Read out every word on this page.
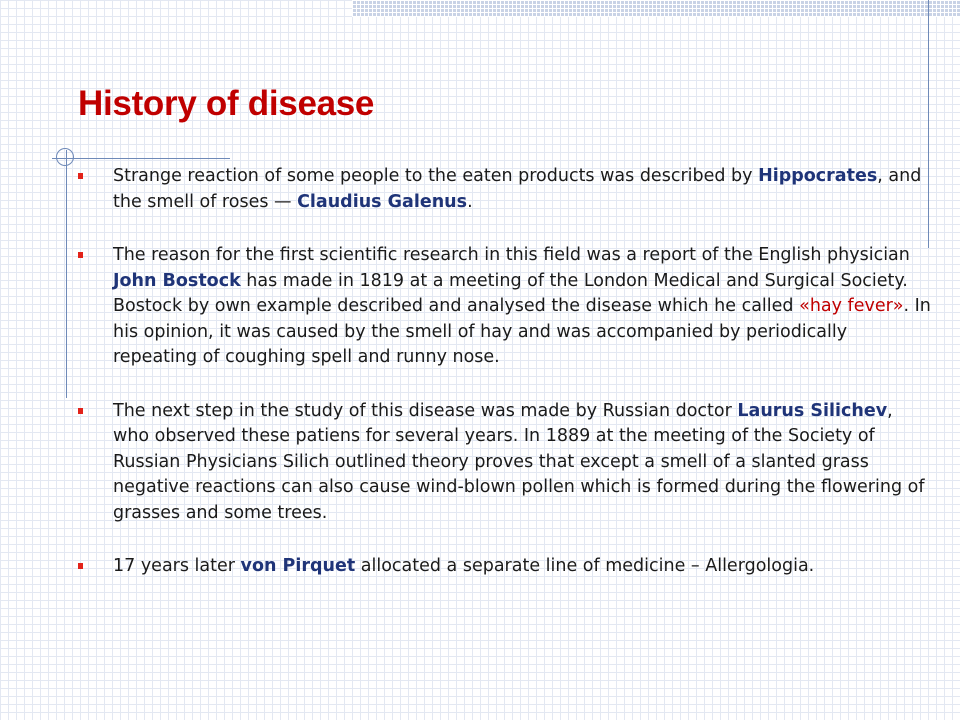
History of disease
Strange reaction of some people to the eaten products was described by Hippocrates, and the smell of roses — Claudius Galenus.
The reason for the first scientific research in this field was a report of the English physician John Bostock has made in 1819 at a meeting of the London Medical and Surgical Society. Bostock by own example described and analysed the disease which he called «hay fever». In his opinion, it was caused by the smell of hay and was accompanied by periodically repeating of coughing spell and runny nose.
The next step in the study of this disease was made by Russian doctor Laurus Silichev, who observed these patiens for several years. In 1889 at the meeting of the Society of Russian Physicians Silich outlined theory proves that except a smell of a slanted grass negative reactions can also cause wind-blown pollen which is formed during the flowering of grasses and some trees.
17 years later von Pirquet allocated a separate line of medicine – Allergologia.
